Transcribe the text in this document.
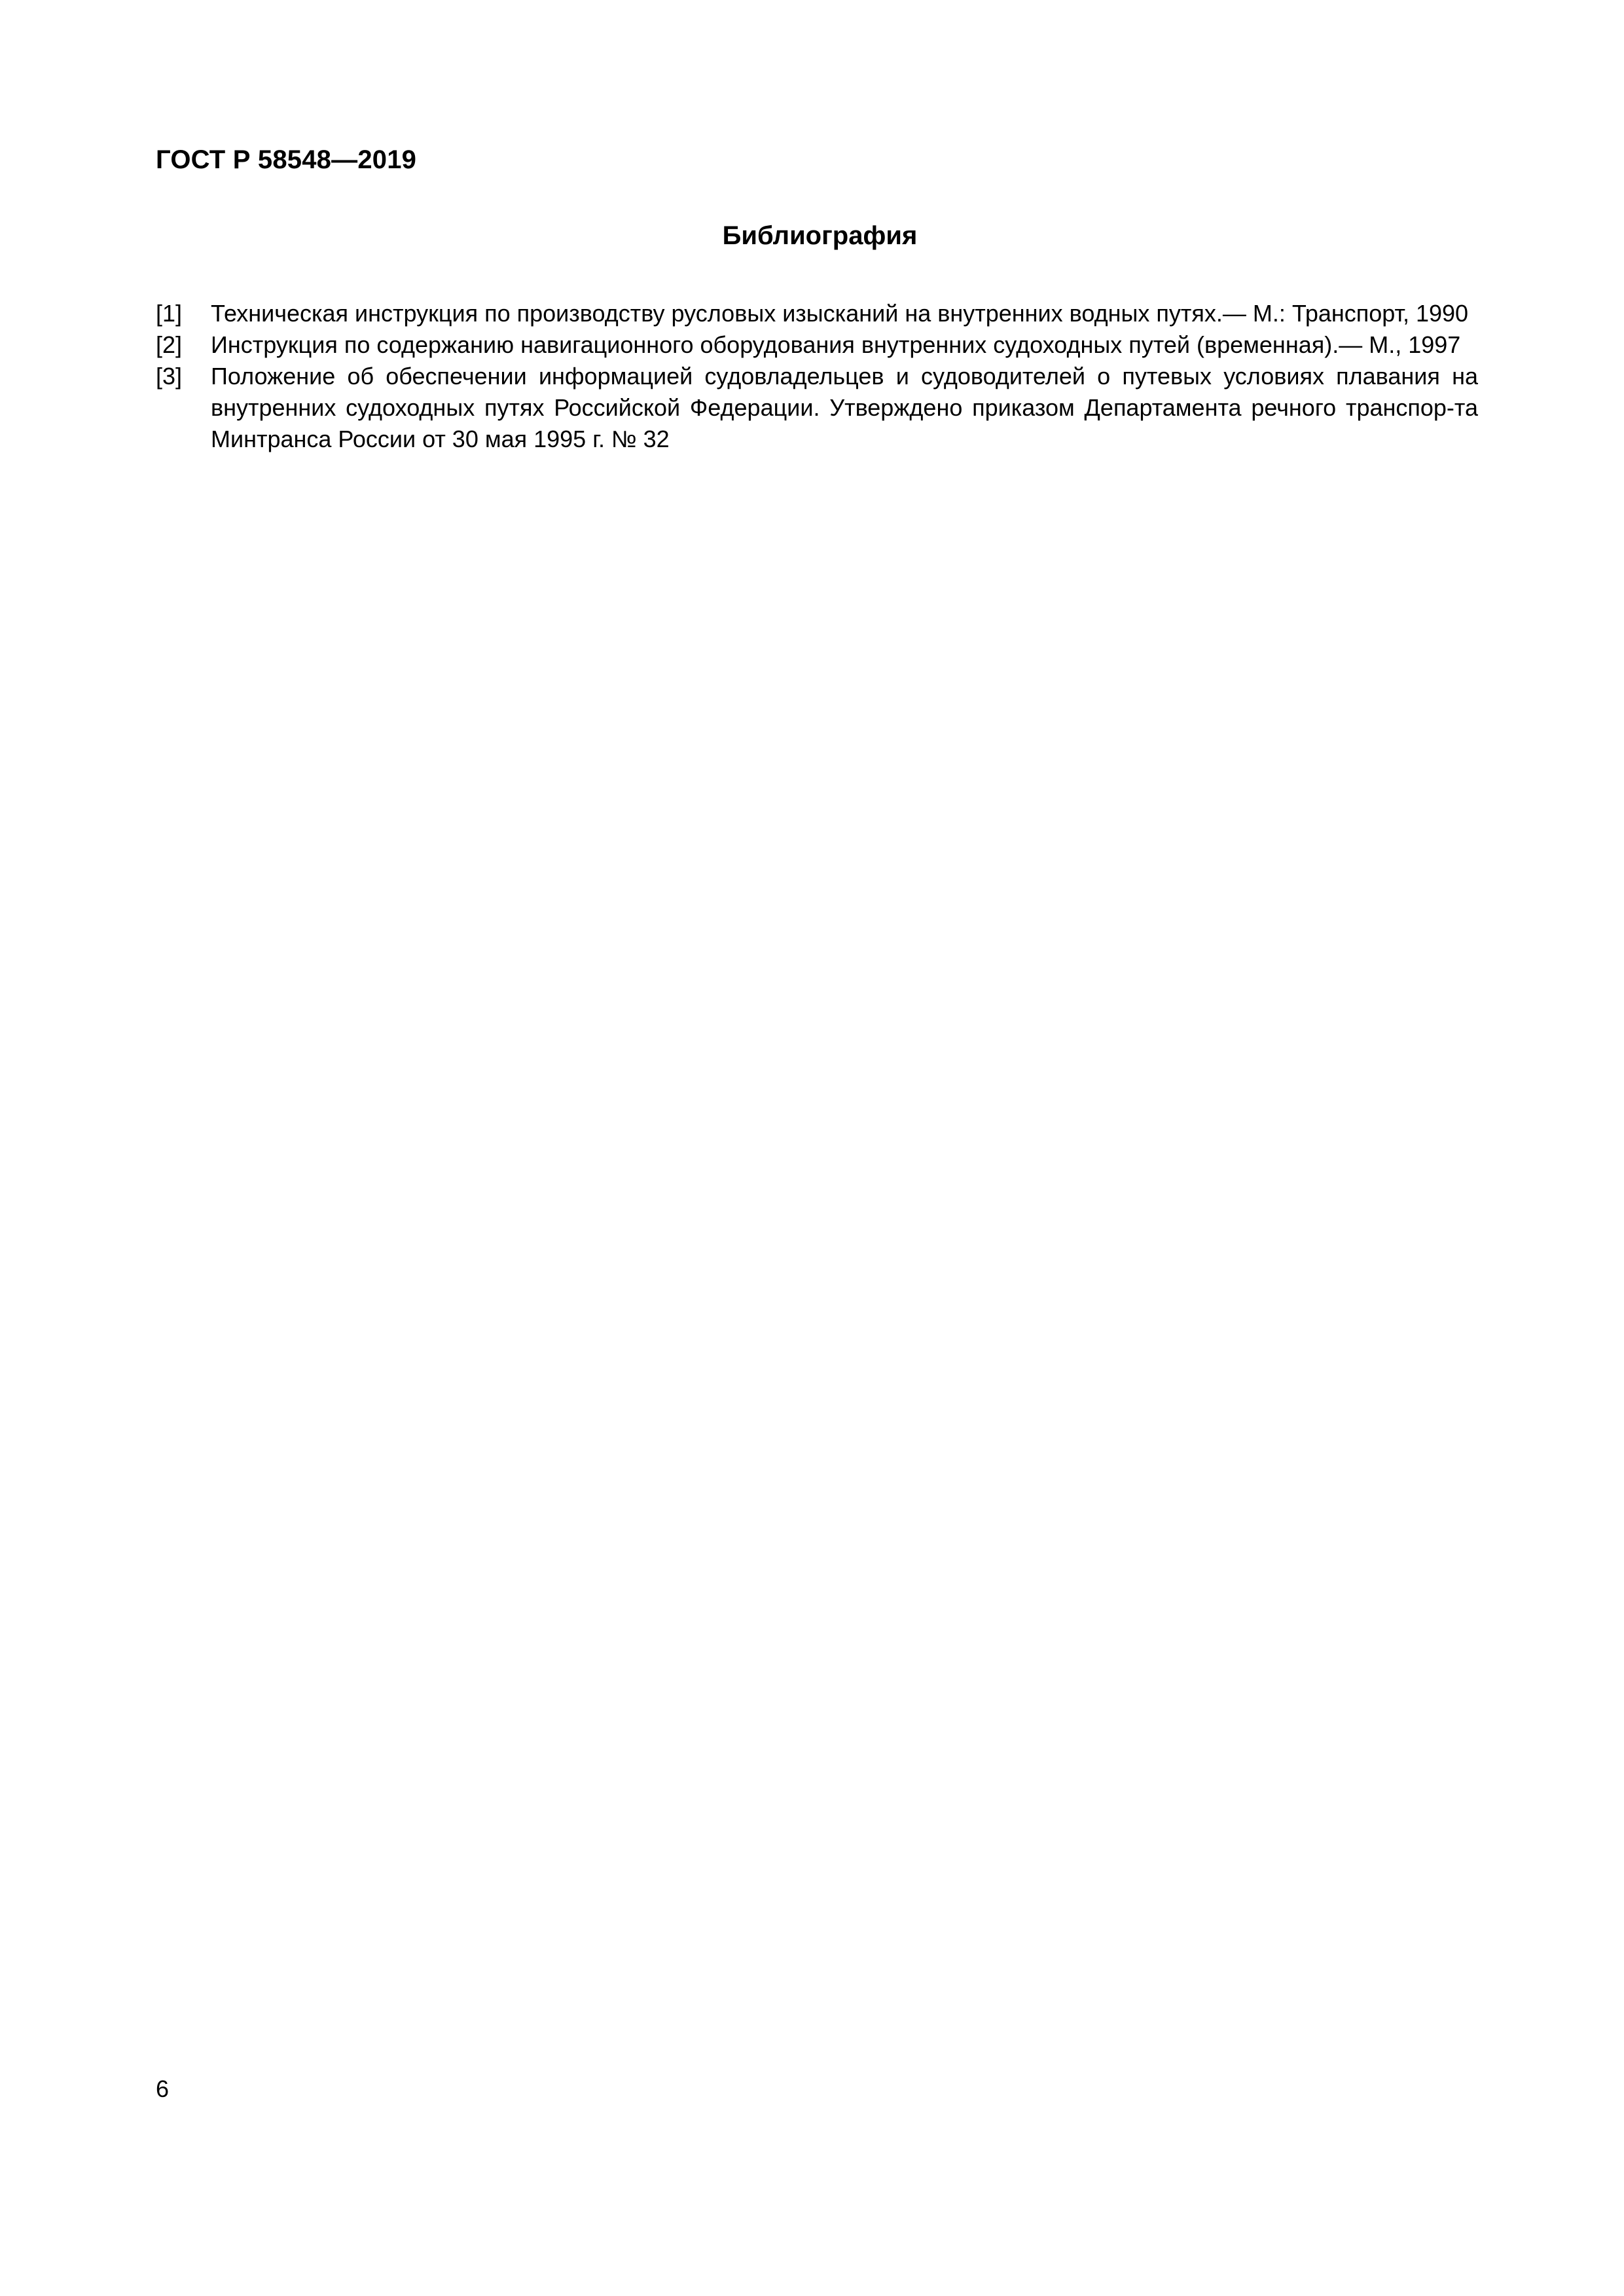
ГОСТ Р 58548—2019
Библиография
[1]	Техническая инструкция по производству русловых изысканий на внутренних водных путях.— М.: Транспорт, 1990
[2]	Инструкция по содержанию навигационного оборудования внутренних судоходных путей (временная).— М., 1997
[3]	Положение об обеспечении информацией судовладельцев и судоводителей о путевых условиях плавания на внутренних судоходных путях Российской Федерации. Утверждено приказом Департамента речного транспор-та Минтранса России от 30 мая 1995 г. № 32
6
